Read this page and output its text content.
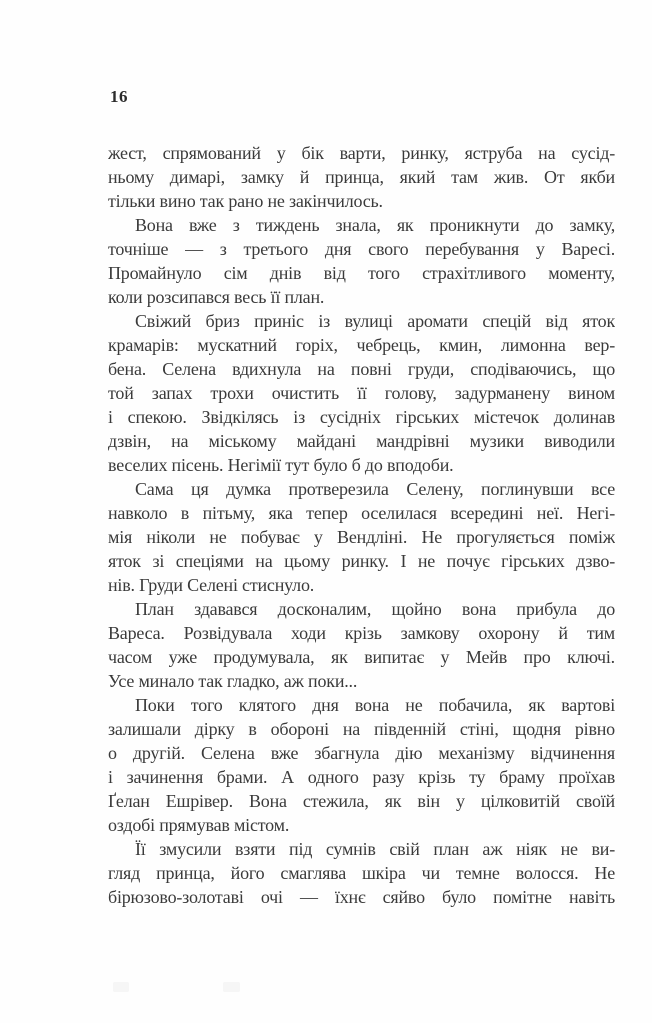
16
жест, спрямований у бік варти, ринку, яструба на сусід-
ньому димарі, замку й принца, який там жив. От якби
тільки вино так рано не закінчилось.
Вона вже з тиждень знала, як проникнути до замку,
точніше — з третього дня свого перебування у Варесі.
Промайнуло сім днів від того страхітливого моменту,
коли розсипався весь її план.
Свіжий бриз приніс із вулиці аромати спецій від яток
крамарів: мускатний горіх, чебрець, кмин, лимонна вер-
бена. Селена вдихнула на повні груди, сподіваючись, що
той запах трохи очистить її голову, задурманену вином
і спекою. Звідкілясь із сусідніх гірських містечок долинав
дзвін, на міському майдані мандрівні музики виводили
веселих пісень. Негімії тут було б до вподоби.
Сама ця думка протверезила Селену, поглинувши все
навколо в пітьму, яка тепер оселилася всередині неї. Негі-
мія ніколи не побуває у Вендліні. Не прогуляється поміж
яток зі спеціями на цьому ринку. І не почує гірських дзво-
нів. Груди Селені стиснуло.
План здавався досконалим, щойно вона прибула до
Вареса. Розвідувала ходи крізь замкову охорону й тим
часом уже продумувала, як випитає у Мейв про ключі.
Усе минало так гладко, аж поки...
Поки того клятого дня вона не побачила, як вартові
залишали дірку в обороні на південній стіні, щодня рівно
о другій. Селена вже збагнула дію механізму відчинення
і зачинення брами. А одного разу крізь ту браму проїхав
Ґелан Ешрівер. Вона стежила, як він у цілковитій своїй
оздобі прямував містом.
Її змусили взяти під сумнів свій план аж ніяк не ви-
гляд принца, його смаглява шкіра чи темне волосся. Не
бірюзово-золотаві очі — їхнє сяйво було помітне навіть
